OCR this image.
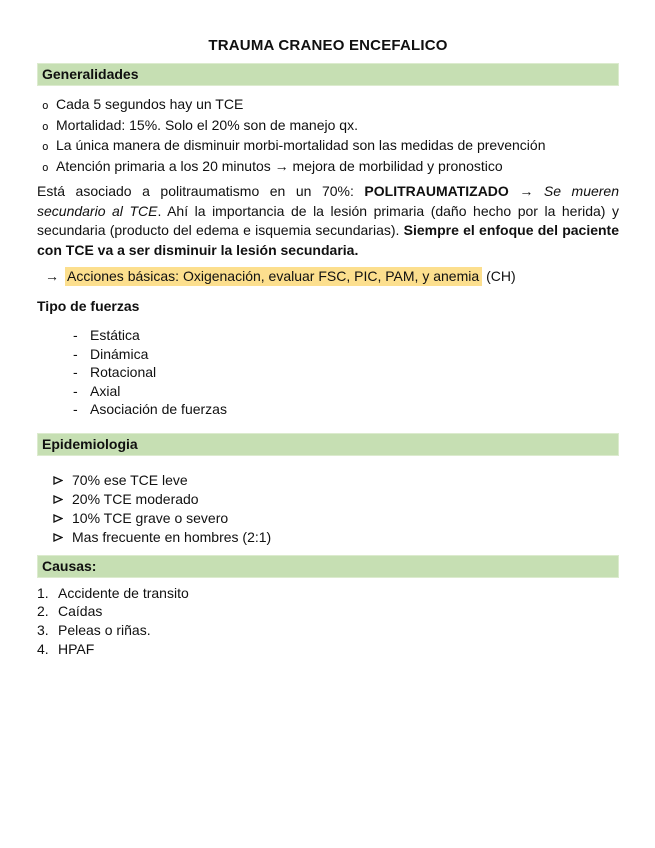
TRAUMA CRANEO ENCEFALICO
Generalidades
o Cada 5 segundos hay un TCE
o Mortalidad: 15%. Solo el 20% son de manejo qx.
o La única manera de disminuir morbi-mortalidad son las medidas de prevención
o Atención primaria a los 20 minutos → mejora de morbilidad y pronostico

Está asociado a politraumatismo en un 70%: POLITRAUMATIZADO → Se mueren secundario al TCE. Ahí la importancia de la lesión primaria (daño hecho por la herida) y secundaria (producto del edema e isquemia secundarias). Siempre el enfoque del paciente con TCE va a ser disminuir la lesión secundaria.

→ Acciones básicas: Oxigenación, evaluar FSC, PIC, PAM, y anemia (CH)
Tipo de fuerzas
- Estática
- Dinámica
- Rotacional
- Axial
- Asociación de fuerzas
Epidemiologia
70% ese TCE leve
20% TCE moderado
10% TCE grave o severo
Mas frecuente en hombres (2:1)
Causas:
1. Accidente de transito
2. Caídas
3. Peleas o riñas.
4. HPAF
